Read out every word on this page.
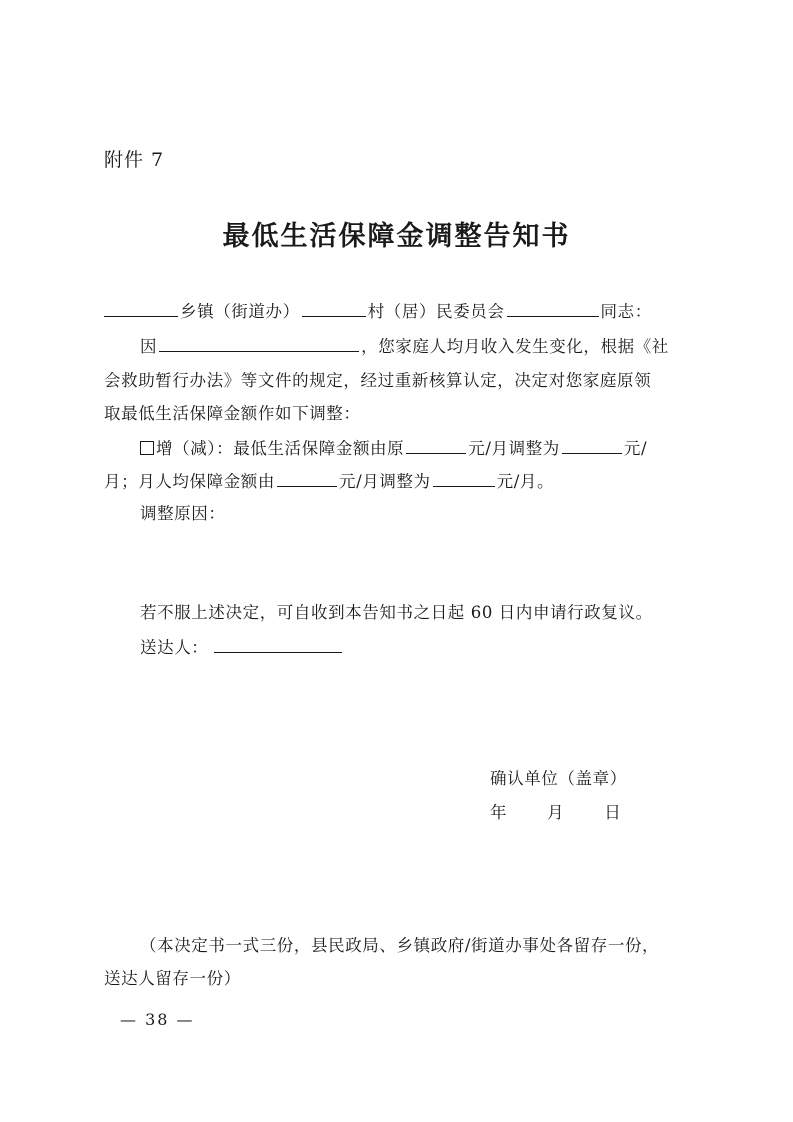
附件 7
最低生活保障金调整告知书
乡镇（街道办）	村（居）民委员会	同志：
因	，您家庭人均月收入发生变化，根据《社
会救助暂行办法》等文件的规定，经过重新核算认定，决定对您家庭原领
取最低生活保障金额作如下调整：
增（减）：最低生活保障金额由原	元/月调整为	元/
月；月人均保障金额由	元/月调整为	元/月。
调整原因：
若不服上述决定，可自收到本告知书之日起 60 日内申请行政复议。
送达人：
确认单位（盖章）
年 月 日
（本决定书一式三份，县民政局、乡镇政府/街道办事处各留存一份，
送达人留存一份）
— 38 —
